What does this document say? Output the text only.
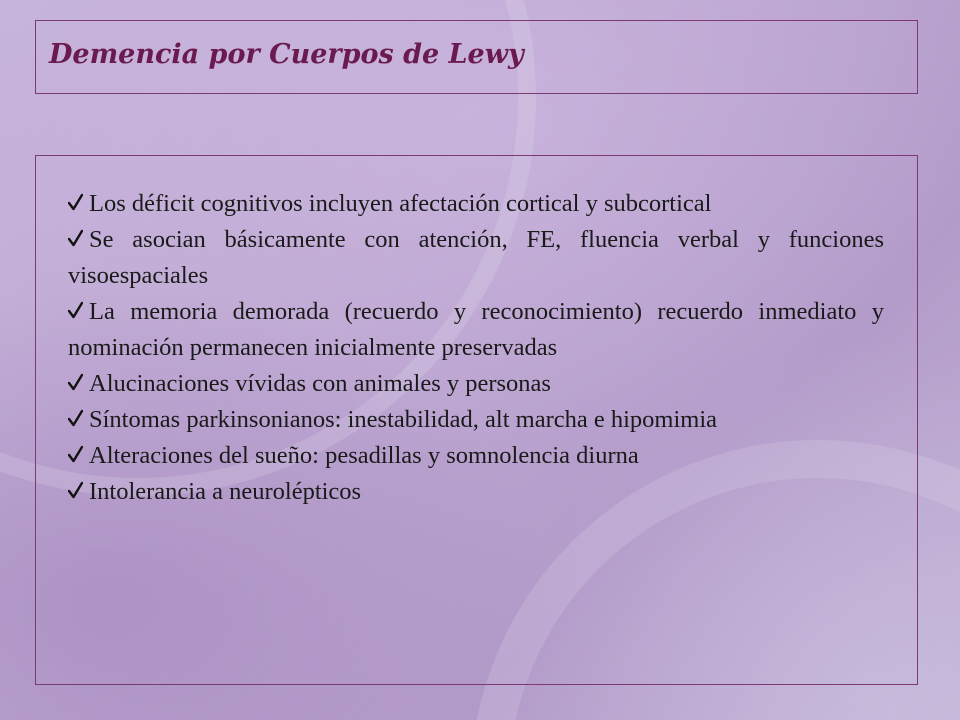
Demencia por Cuerpos de Lewy
Los déficit cognitivos incluyen afectación cortical y subcortical
Se asocian básicamente con atención, FE, fluencia verbal y funciones visoespaciales
La memoria demorada (recuerdo y reconocimiento) recuerdo inmediato y nominación permanecen inicialmente preservadas
Alucinaciones vívidas con animales y personas
Síntomas parkinsonianos: inestabilidad, alt marcha e hipomimia
Alteraciones del sueño: pesadillas y somnolencia diurna
Intolerancia a neurolépticos
